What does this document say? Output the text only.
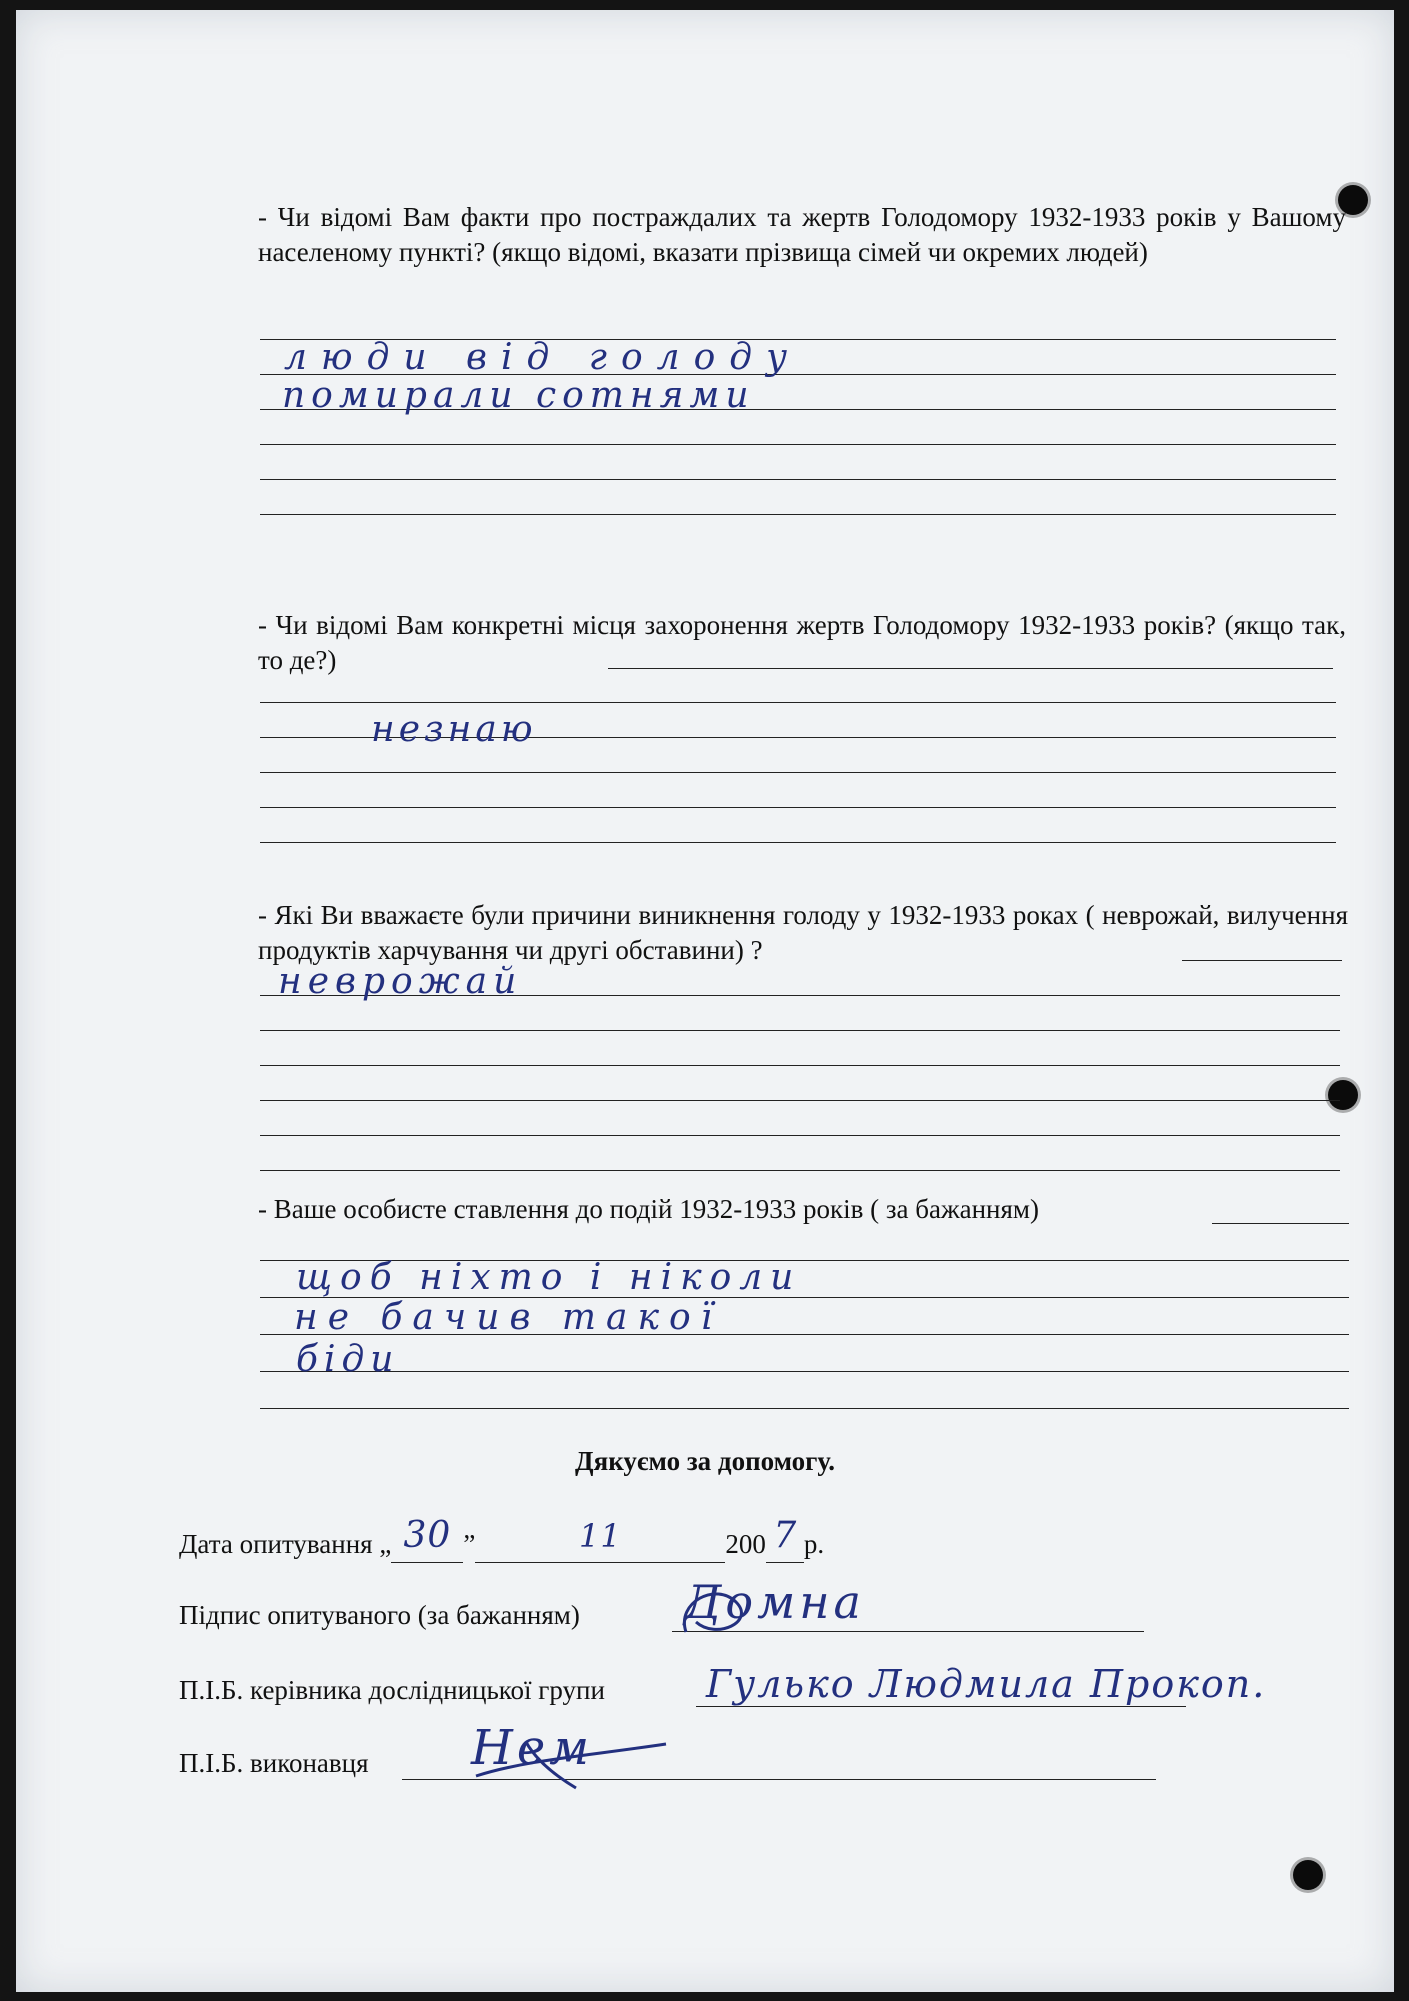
- Чи відомі Вам факти про постраждалих та жертв Голодомору 1932-1933 років у Вашому населеному пункті? (якщо відомі, вказати прізвища сімей чи окремих людей)
люди від голоду
помирали сотнями
- Чи відомі Вам конкретні місця захоронення жертв Голодомору 1932-1933 років? (якщо так, то де?)
незнаю
- Які Ви вважаєте були причини виникнення голоду у 1932-1933 роках ( неврожай, вилучення продуктів харчування чи другі обставини) ?
неврожай
- Ваше особисте ставлення до подій 1932-1933 років ( за бажанням)
щоб ніхто і ніколи
не бачив такої
біди
Дякуємо за допомогу.
Дата опитування „ 30 ”	11	200 7 р.
Підпис опитуваного (за бажанням) Домна
П.І.Б. керівника дослідницької групи	Гулько Людмила Прокоп.
П.І.Б. виконавця Нем
